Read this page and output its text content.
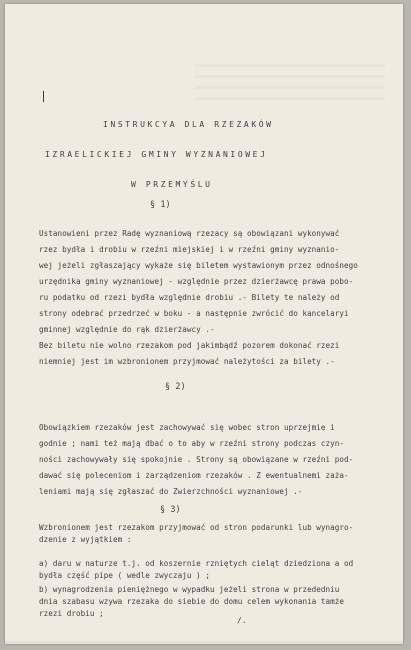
INSTRUKCYA DLA RZEZAKÓW
IZRAELICKIEJ GMINY WYZNANIOWEJ
W PRZEMYŚLU
§ 1)
Ustanowieni przez Radę wyznaniową rzezacy są obowiązani wykonywać
rzez bydła i drobiu w rzeźni miejskiej i w rzeźni gminy wyznanio-
wej jeżeli zgłaszający wykaże się biletem wystawionym przez odnośnego
urzędnika gminy wyznaniowej - względnie przez dzierżawcę prawa pobo-
ru podatku od rzezi bydła względnie drobiu .- Bilety te należy od
strony odebrać przedrzeć w boku - a następnie zwrócić do kancelaryi
gminnej względnie do rąk dzierżawcy .-
Bez biletu nie wolno rzezakom pod jakimbądź pozorem dokonać rzezi
niemniej jest im wzbronionem przyjmować należytości za bilety .-
§ 2)
Obowiązkiem rzezaków jest zachowywać się wobec stron uprzejmie i
godnie ; nami też mają dbać o to aby w rzeźni strony podczas czyn-
ności zachowywały się spokojnie . Strony są obowiązane w rzeźni pod-
dawać się poleceniom i zarządzeniom rzezaków . Z ewentualnemi zaża-
leniami mają się zgłaszać do Zwierzchności wyznaniowej .-
§ 3)
Wzbronionem jest rzezakom przyjmować od stron podarunki lub wynagro-
dzenie z wyjątkiem :
a) daru w naturze t.j. od koszernie rzniętych cieląt dziedziona a od
bydła część pipe ( wedle zwyczaju ) ;
b) wynagrodzenia pieniężnego w wypadku jeżeli strona w przededniu
dnia szabasu wzywa rzezaka do siebie do domu celem wykonania tamże
rzezi drobiu ;
/.
